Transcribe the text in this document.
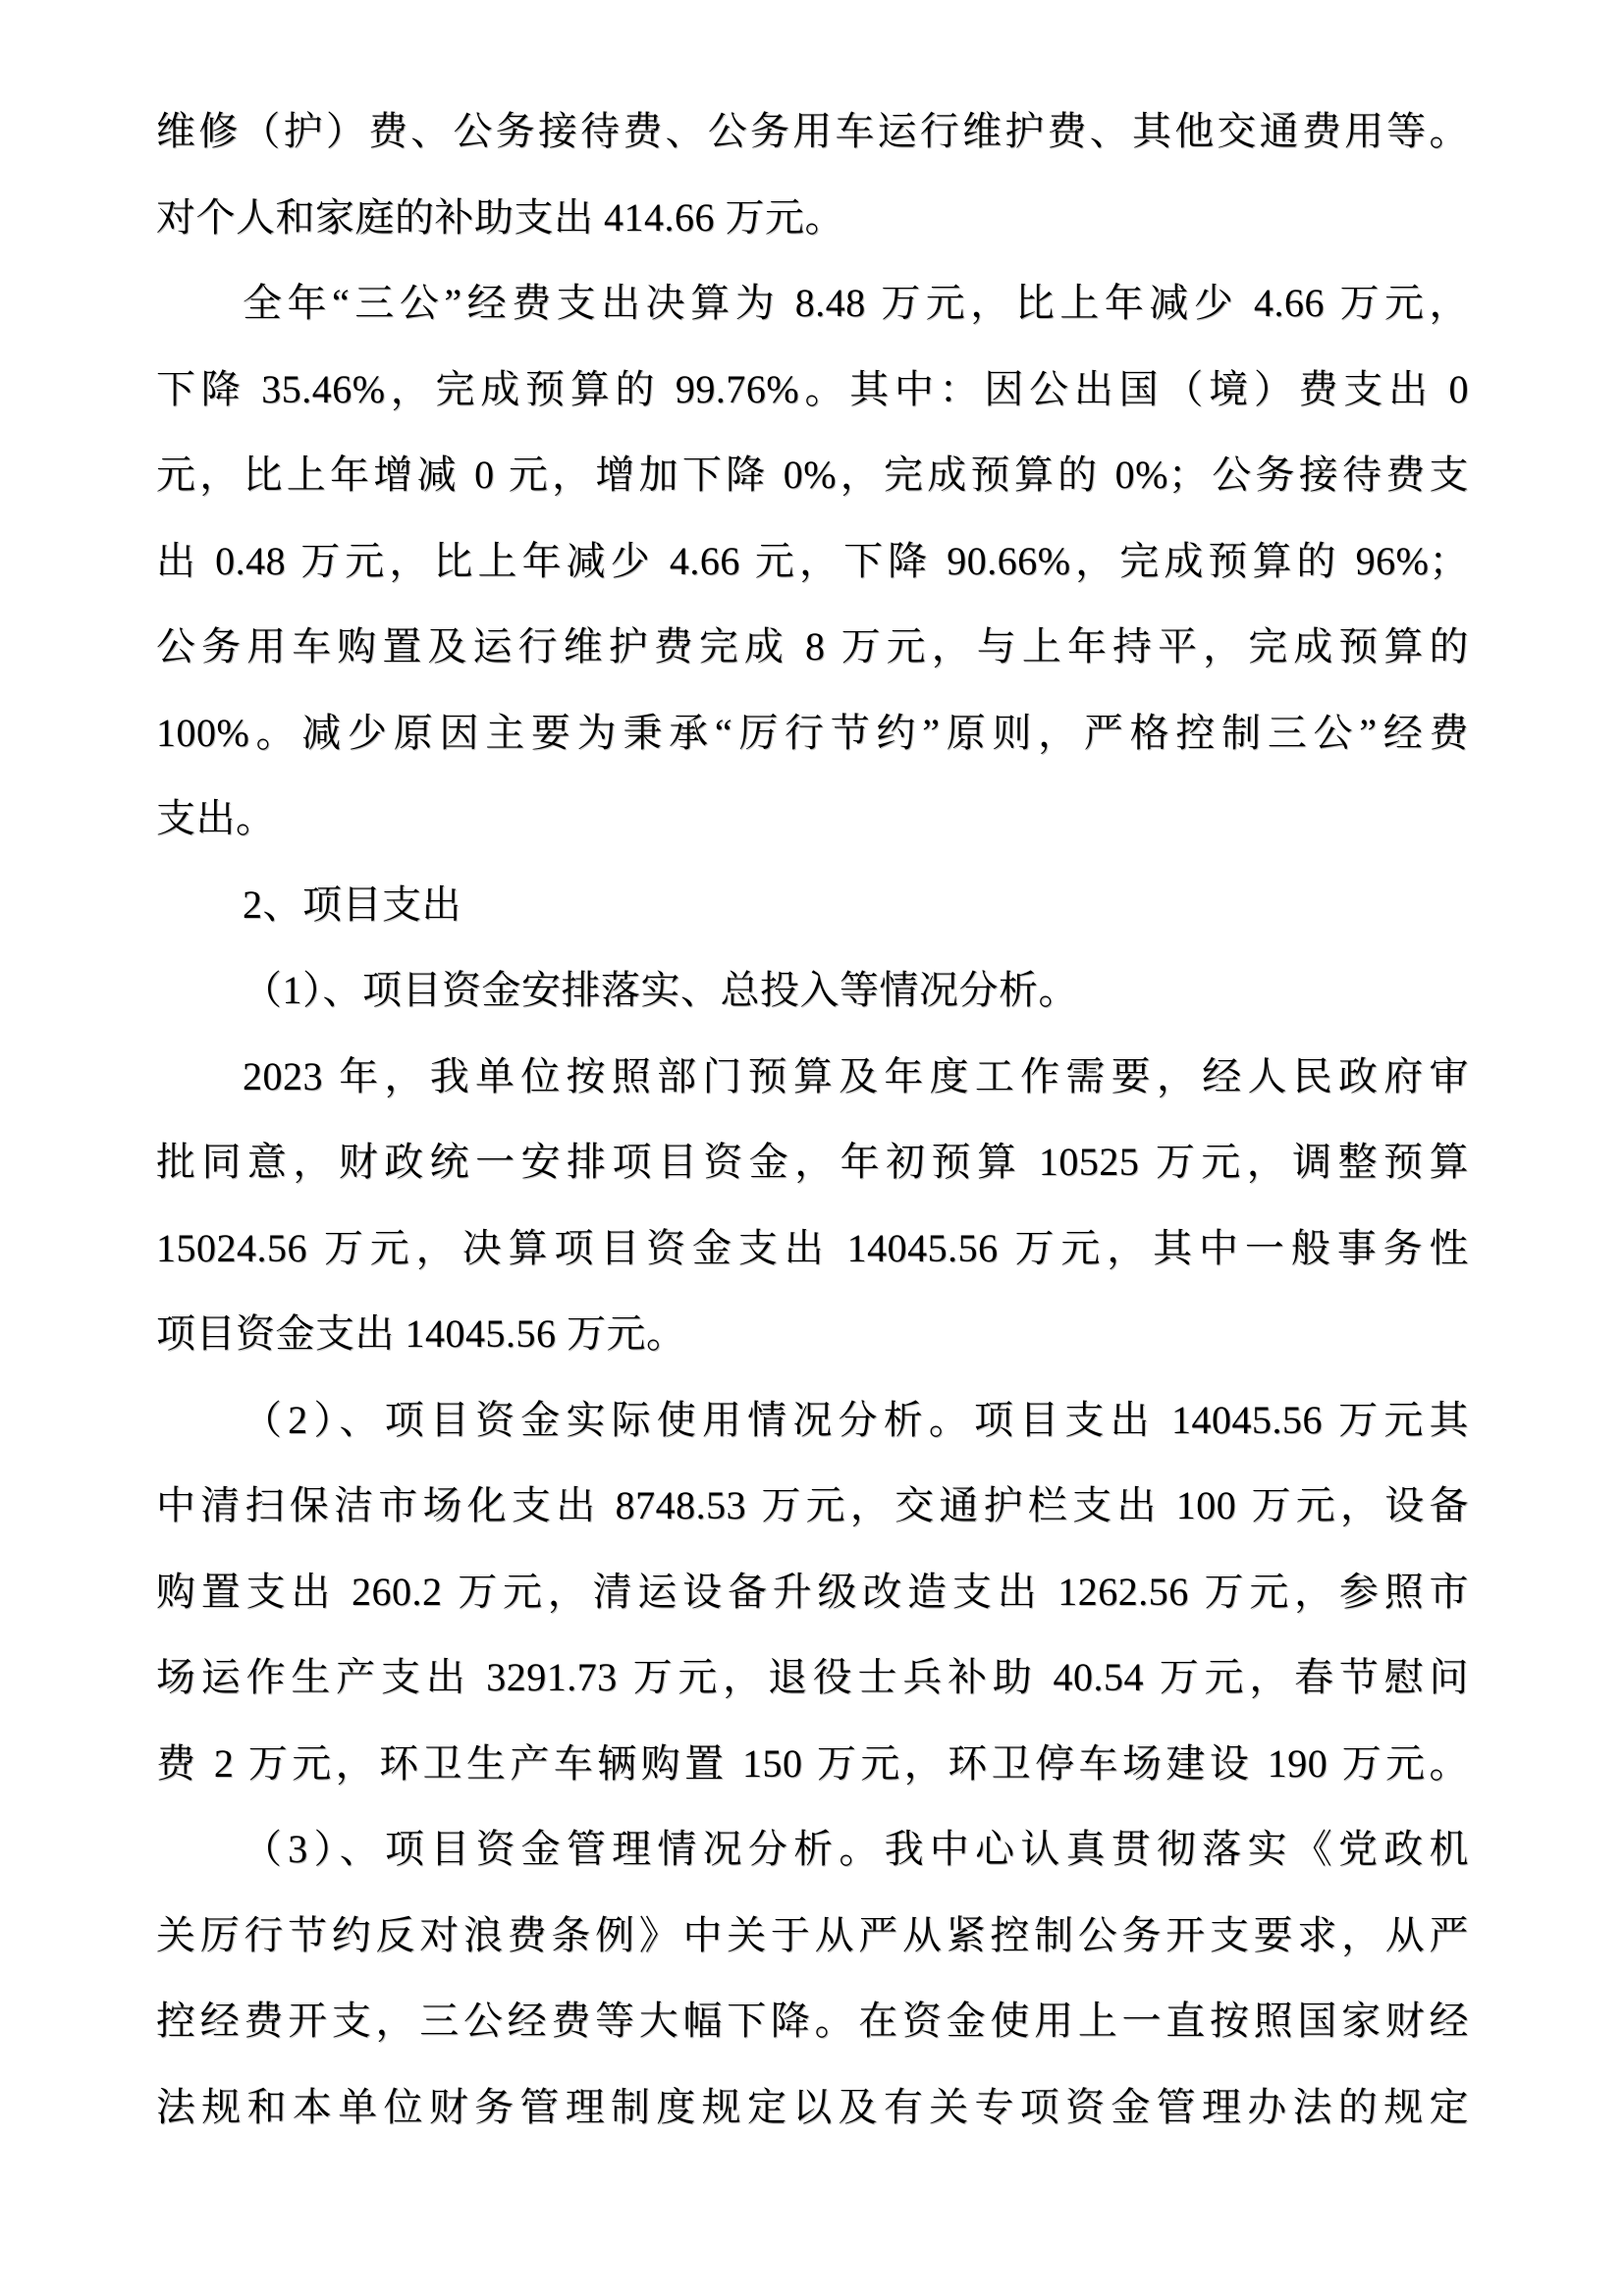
维修（护）费、公务接待费、公务用车运行维护费、其他交通费用等。
对个人和家庭的补助支出 414.66 万元。
全年“三公”经费支出决算为 8.48 万元，比上年减少 4.66 万元，
下降 35.46%，完成预算的 99.76%。其中：因公出国（境）费支出 0
元，比上年增减 0 元，增加下降 0%，完成预算的 0%；公务接待费支
出 0.48 万元，比上年减少 4.66 元，下降 90.66%，完成预算的 96%；
公务用车购置及运行维护费完成 8 万元，与上年持平，完成预算的
100%。减少原因主要为秉承“厉行节约”原则，严格控制三公”经费
支出。
2、项目支出
（1）、项目资金安排落实、总投入等情况分析。
2023 年，我单位按照部门预算及年度工作需要，经人民政府审
批同意，财政统一安排项目资金，年初预算 10525 万元，调整预算
15024.56 万元，决算项目资金支出 14045.56 万元，其中一般事务性
项目资金支出 14045.56 万元。
（2）、项目资金实际使用情况分析。项目支出 14045.56 万元其
中清扫保洁市场化支出 8748.53 万元，交通护栏支出 100 万元，设备
购置支出 260.2 万元，清运设备升级改造支出 1262.56 万元，参照市
场运作生产支出 3291.73 万元，退役士兵补助 40.54 万元，春节慰问
费 2 万元，环卫生产车辆购置 150 万元，环卫停车场建设 190 万元。
（3）、项目资金管理情况分析。我中心认真贯彻落实《党政机
关厉行节约反对浪费条例》中关于从严从紧控制公务开支要求，从严
控经费开支，三公经费等大幅下降。在资金使用上一直按照国家财经
法规和本单位财务管理制度规定以及有关专项资金管理办法的规定
